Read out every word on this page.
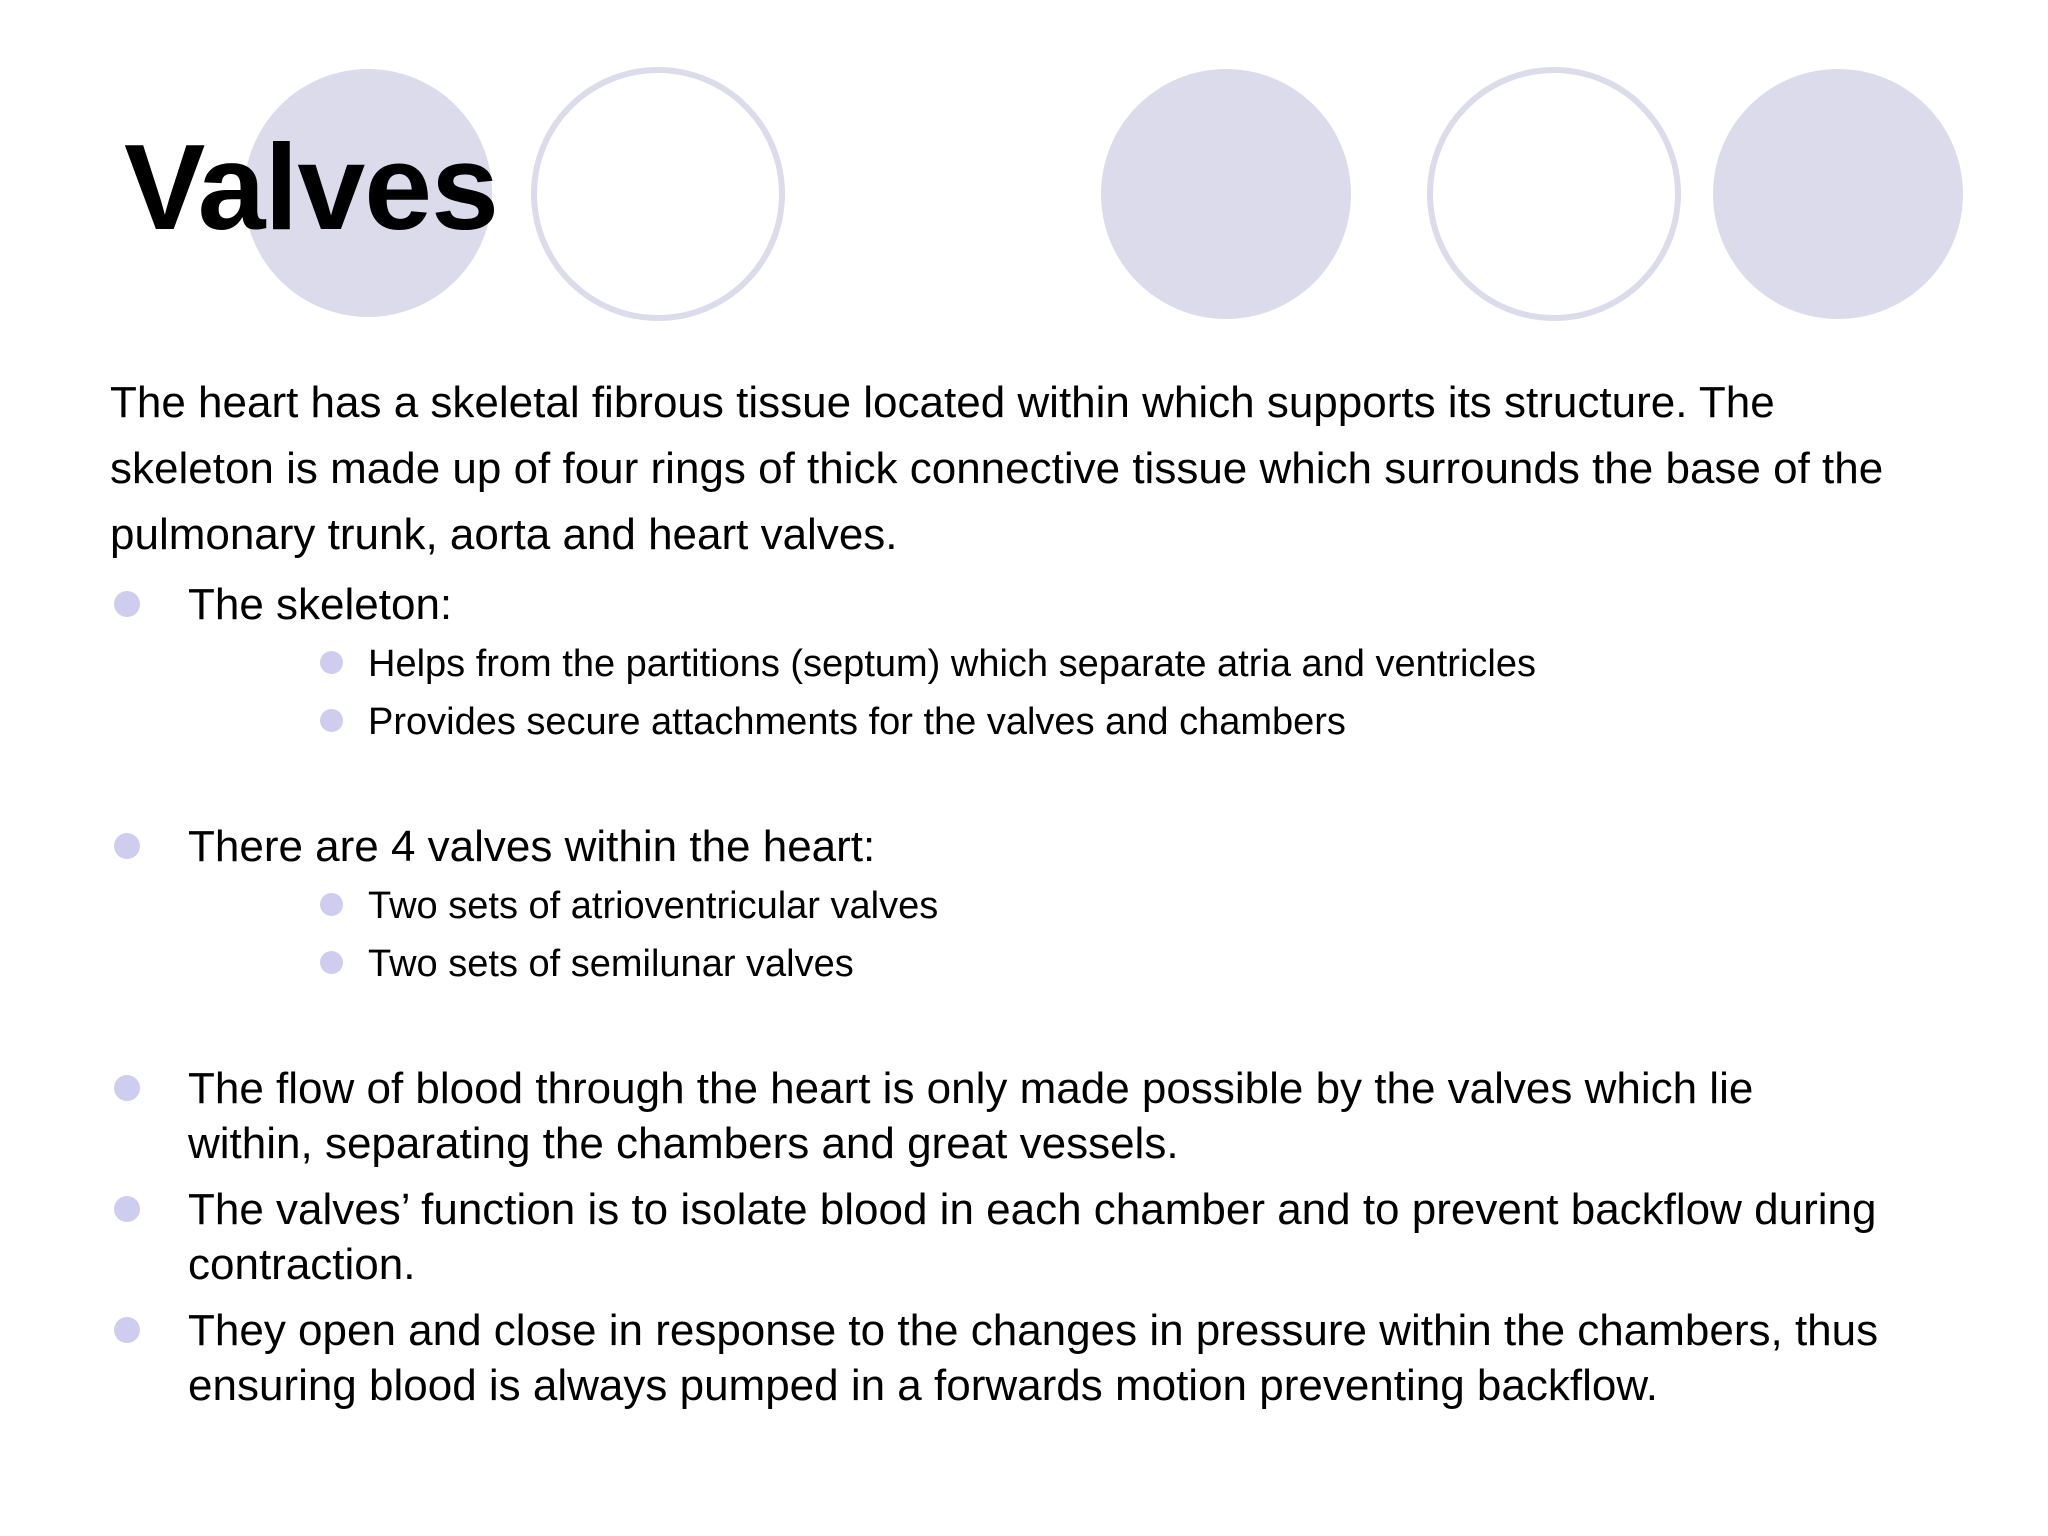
Valves

The heart has a skeletal fibrous tissue located within which supports its structure. The skeleton is made up of four rings of thick connective tissue which surrounds the base of the pulmonary trunk, aorta and heart valves.

The skeleton:

Helps from the partitions (septum) which separate atria and ventricles

Provides secure attachments for the valves and chambers

There are 4 valves within the heart:

Two sets of atrioventricular valves

Two sets of semilunar valves

The flow of blood through the heart is only made possible by the valves which lie within, separating the chambers and great vessels.

The valves’ function is to isolate blood in each chamber and to prevent backflow during contraction.

They open and close in response to the changes in pressure within the chambers, thus ensuring blood is always pumped in a forwards motion preventing backflow.
